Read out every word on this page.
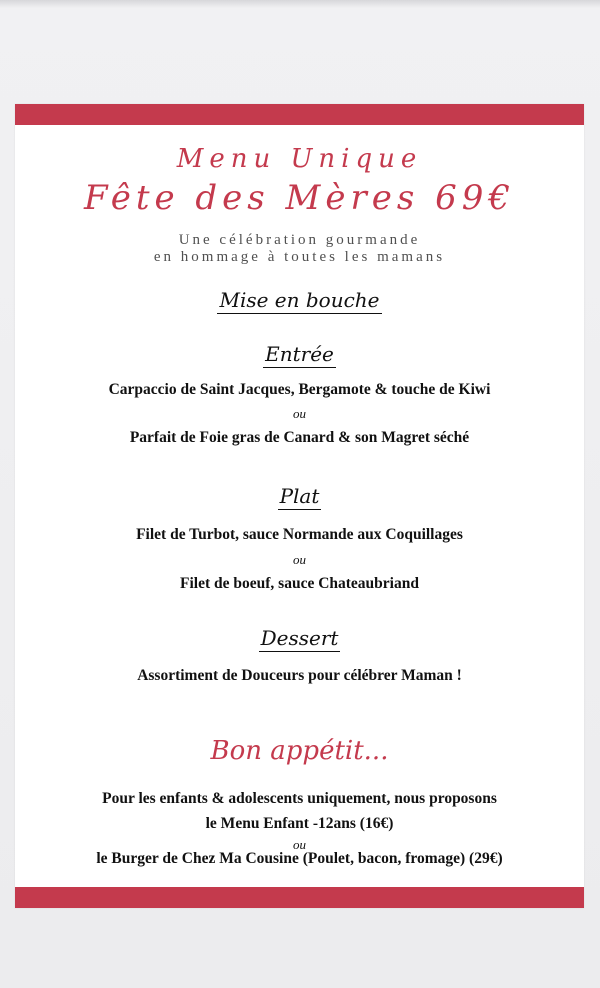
Menu Unique
Fête des Mères 69€
Une célébration gourmande
en hommage à toutes les mamans
Mise en bouche
Entrée
Carpaccio de Saint Jacques, Bergamote & touche de Kiwi
ou
Parfait de Foie gras de Canard & son Magret séché
Plat
Filet de Turbot, sauce Normande aux Coquillages
ou
Filet de boeuf, sauce Chateaubriand
Dessert
Assortiment de Douceurs pour célébrer Maman !
Bon appétit...
Pour les enfants & adolescents uniquement, nous proposons
le Menu Enfant -12ans (16€)
ou
le Burger de Chez Ma Cousine (Poulet, bacon, fromage) (29€)
